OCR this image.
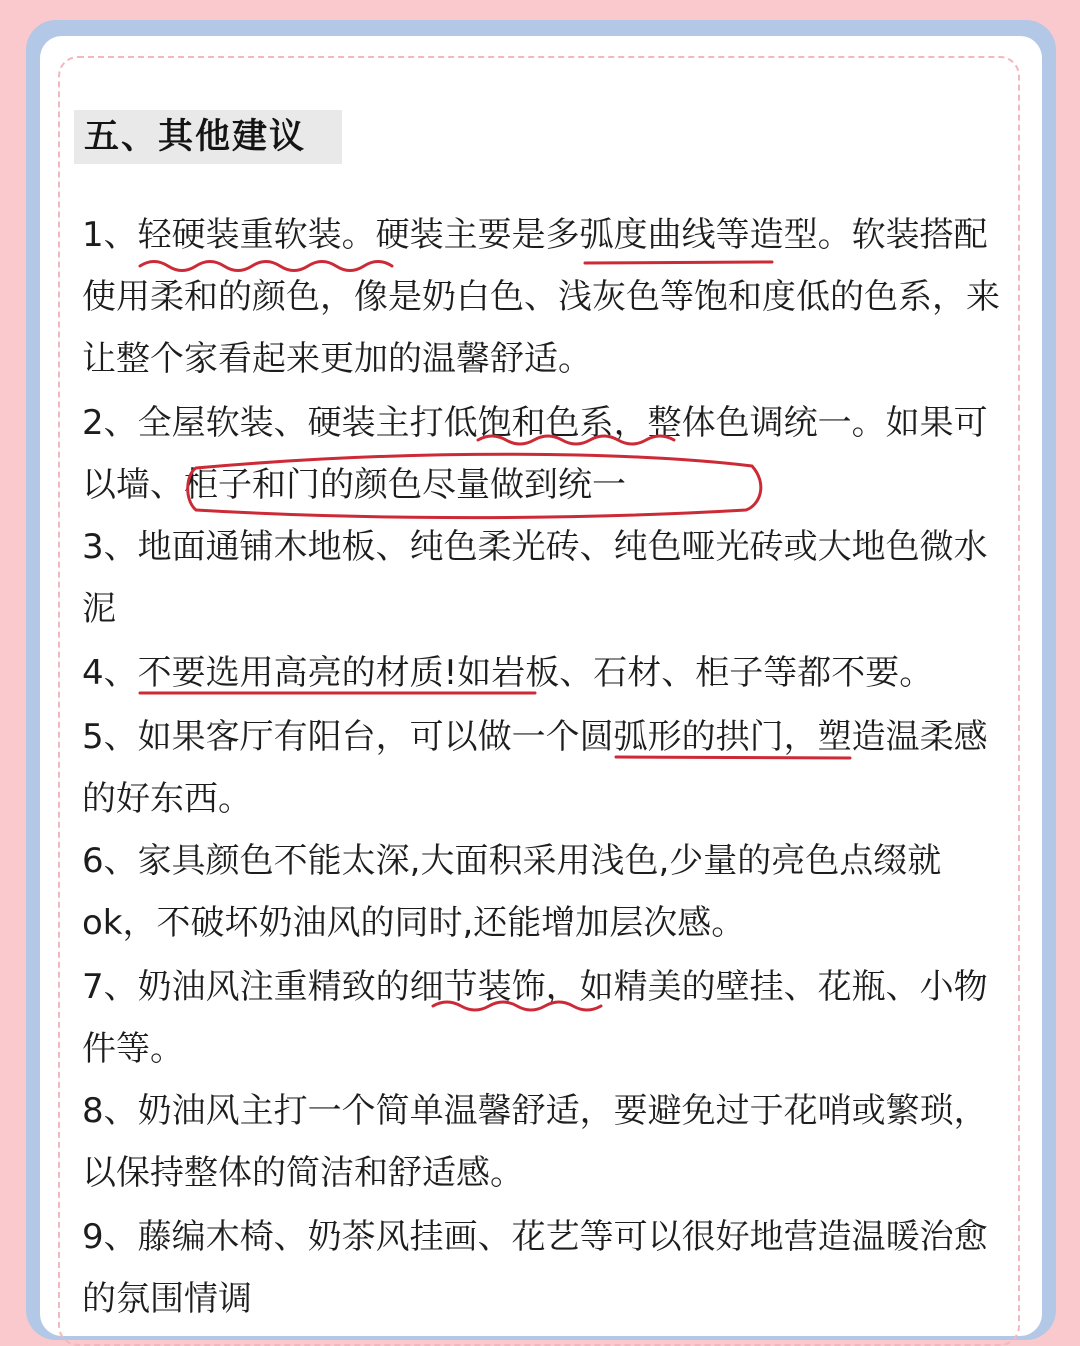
五、其他建议

1、轻硬装重软装。硬装主要是多弧度曲线等造型。软装搭配使用柔和的颜色，像是奶白色、浅灰色等饱和度低的色系，来让整个家看起来更加的温馨舒适。

2、全屋软装、硬装主打低饱和色系，整体色调统一。如果可以墙、柜子和门的颜色尽量做到统一

3、地面通铺木地板、纯色柔光砖、纯色哑光砖或大地色微水泥

4、不要选用高亮的材质!如岩板、石材、柜子等都不要。

5、如果客厅有阳台，可以做一个圆弧形的拱门，塑造温柔感的好东西。

6、家具颜色不能太深,大面积采用浅色,少量的亮色点缀就ok，不破坏奶油风的同时,还能增加层次感。

7、奶油风注重精致的细节装饰，如精美的壁挂、花瓶、小物件等。

8、奶油风主打一个简单温馨舒适，要避免过于花哨或繁琐，以保持整体的简洁和舒适感。

9、藤编木椅、奶茶风挂画、花艺等可以很好地营造温暖治愈的氛围情调
